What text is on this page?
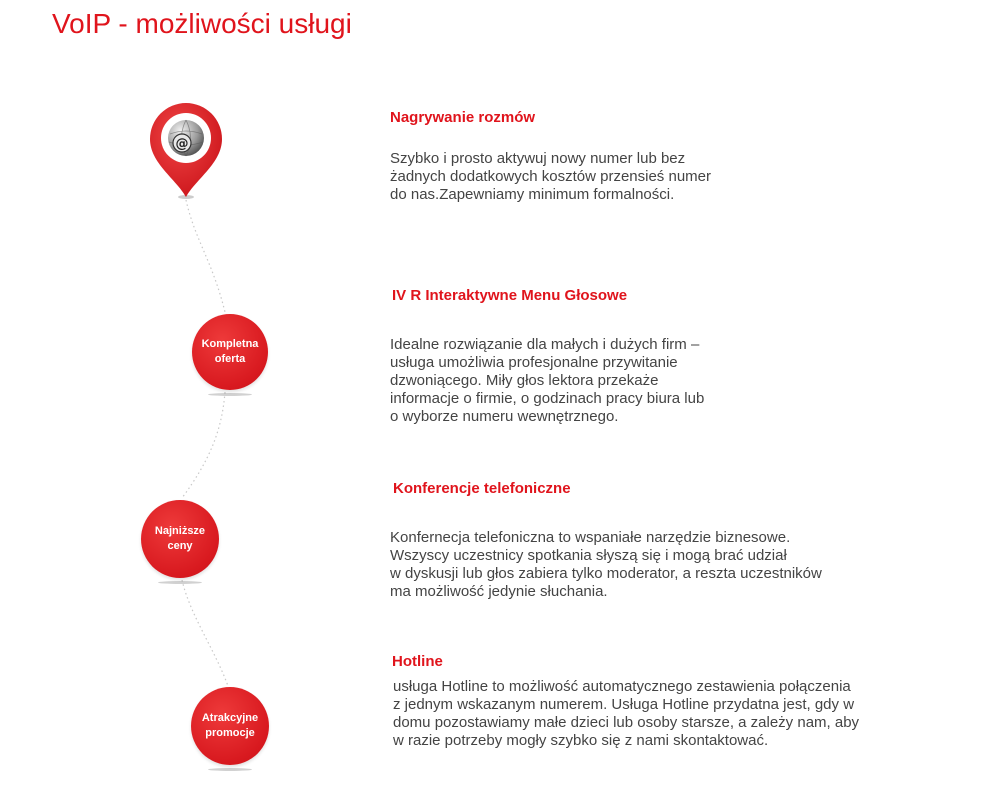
VoIP - możliwości usługi
@
Kompletna
oferta
Najniższe
ceny
Atrakcyjne
promocje
Nagrywanie rozmów

Szybko i prosto aktywuj nowy numer lub bez
żadnych dodatkowych kosztów przensieś numer
do nas.Zapewniamy minimum formalności.

IV R Interaktywne Menu Głosowe

Idealne rozwiązanie dla małych i dużych firm –
usługa umożliwia profesjonalne przywitanie
dzwoniącego. Miły głos lektora przekaże
informacje o firmie, o godzinach pracy biura lub
o wyborze numeru wewnętrznego.

Konferencje telefoniczne

Konfernecja telefoniczna to wspaniałe narzędzie biznesowe.
Wszyscy uczestnicy spotkania słyszą się i mogą brać udział
w dyskusji lub głos zabiera tylko moderator, a reszta uczestników
ma możliwość jedynie słuchania.

Hotline

usługa Hotline to możliwość automatycznego zestawienia połączenia
z jednym wskazanym numerem. Usługa Hotline przydatna jest, gdy w
domu pozostawiamy małe dzieci lub osoby starsze, a zależy nam, aby
w razie potrzeby mogły szybko się z nami skontaktować.
